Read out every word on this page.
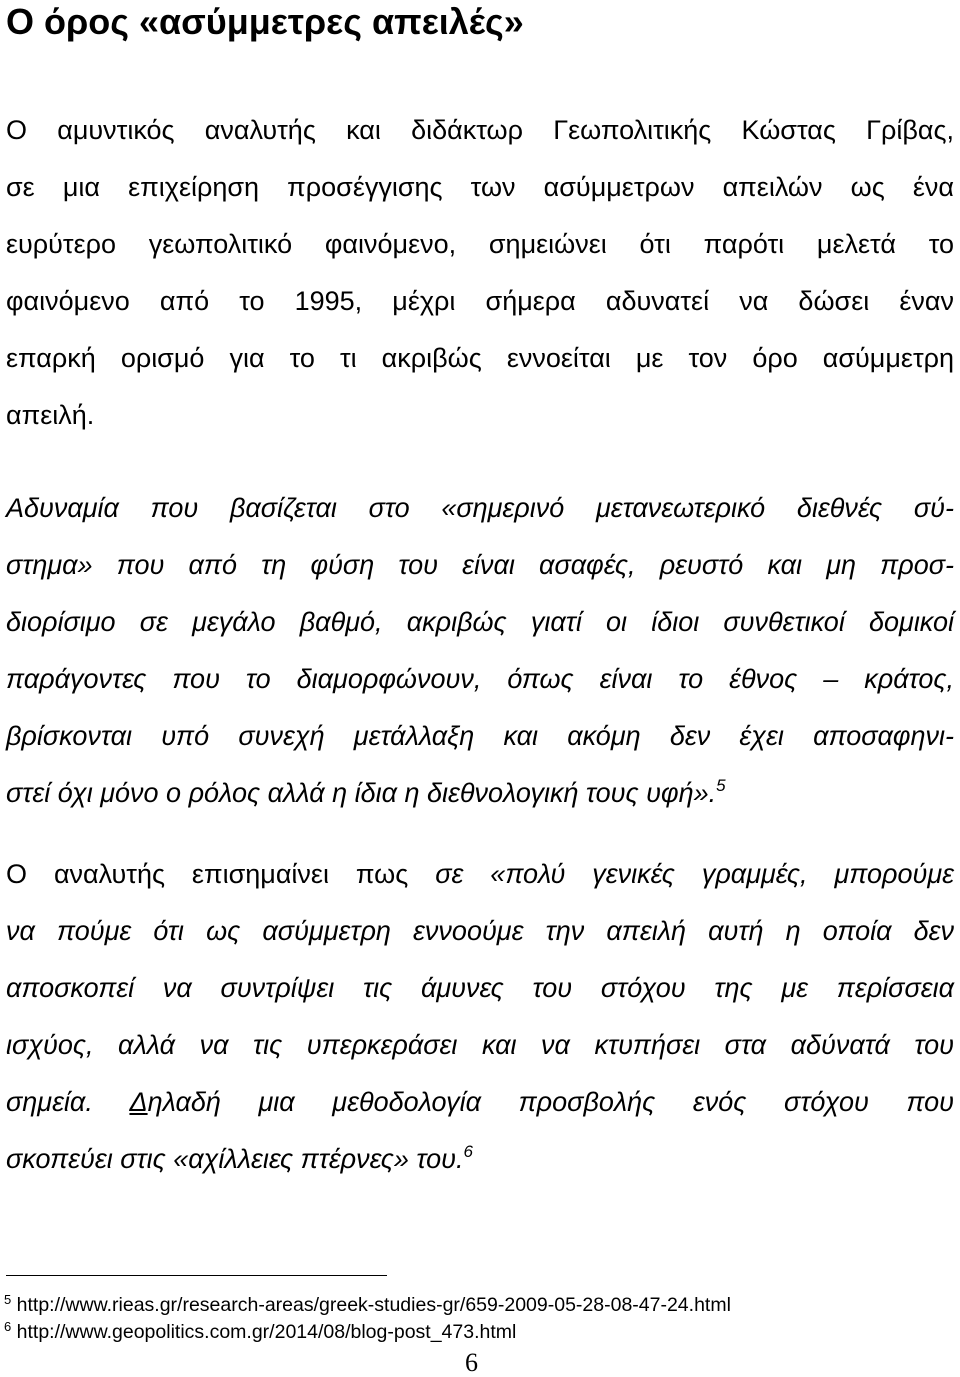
Ο όρος «ασύμμετρες απειλές»
Ο αμυντικός αναλυτής και διδάκτωρ Γεωπολιτικής Κώστας Γρίβας,
σε μια επιχείρηση προσέγγισης των ασύμμετρων απειλών ως ένα
ευρύτερο γεωπολιτικό φαινόμενο, σημειώνει ότι παρότι μελετά το
φαινόμενο από το 1995, μέχρι σήμερα αδυνατεί να δώσει έναν
επαρκή ορισμό για το τι ακριβώς εννοείται με τον όρο ασύμμετρη
απειλή.
Αδυναμία που βασίζεται στο «σημερινό μετανεωτερικό διεθνές σύ-
στημα» που από τη φύση του είναι ασαφές, ρευστό και μη προσ-
διορίσιμο σε μεγάλο βαθμό, ακριβώς γιατί οι ίδιοι συνθετικοί δομικοί
παράγοντες που το διαμορφώνουν, όπως είναι το έθνος – κράτος,
βρίσκονται υπό συνεχή μετάλλαξη και ακόμη δεν έχει αποσαφηνι-
στεί όχι μόνο ο ρόλος αλλά η ίδια η διεθνολογική τους υφή».$^5$
Ο αναλυτής επισημαίνει πως σε «πολύ γενικές γραμμές, μπορούμε
να πούμε ότι ως ασύμμετρη εννοούμε την απειλή αυτή η οποία δεν
αποσκοπεί να συντρίψει τις άμυνες του στόχου της με περίσσεια
ισχύος, αλλά να τις υπερκεράσει και να κτυπήσει στα αδύνατά του
σημεία. Δηλαδή μια μεθοδολογία προσβολής ενός στόχου που
σκοπεύει στις «αχίλλειες πτέρνες» του.$^6$

$^5$ http://www.rieas.gr/research-areas/greek-studies-gr/659-2009-05-28-08-47-24.html

$^6$ http://www.geopolitics.com.gr/2014/08/blog-post_473.html

6
